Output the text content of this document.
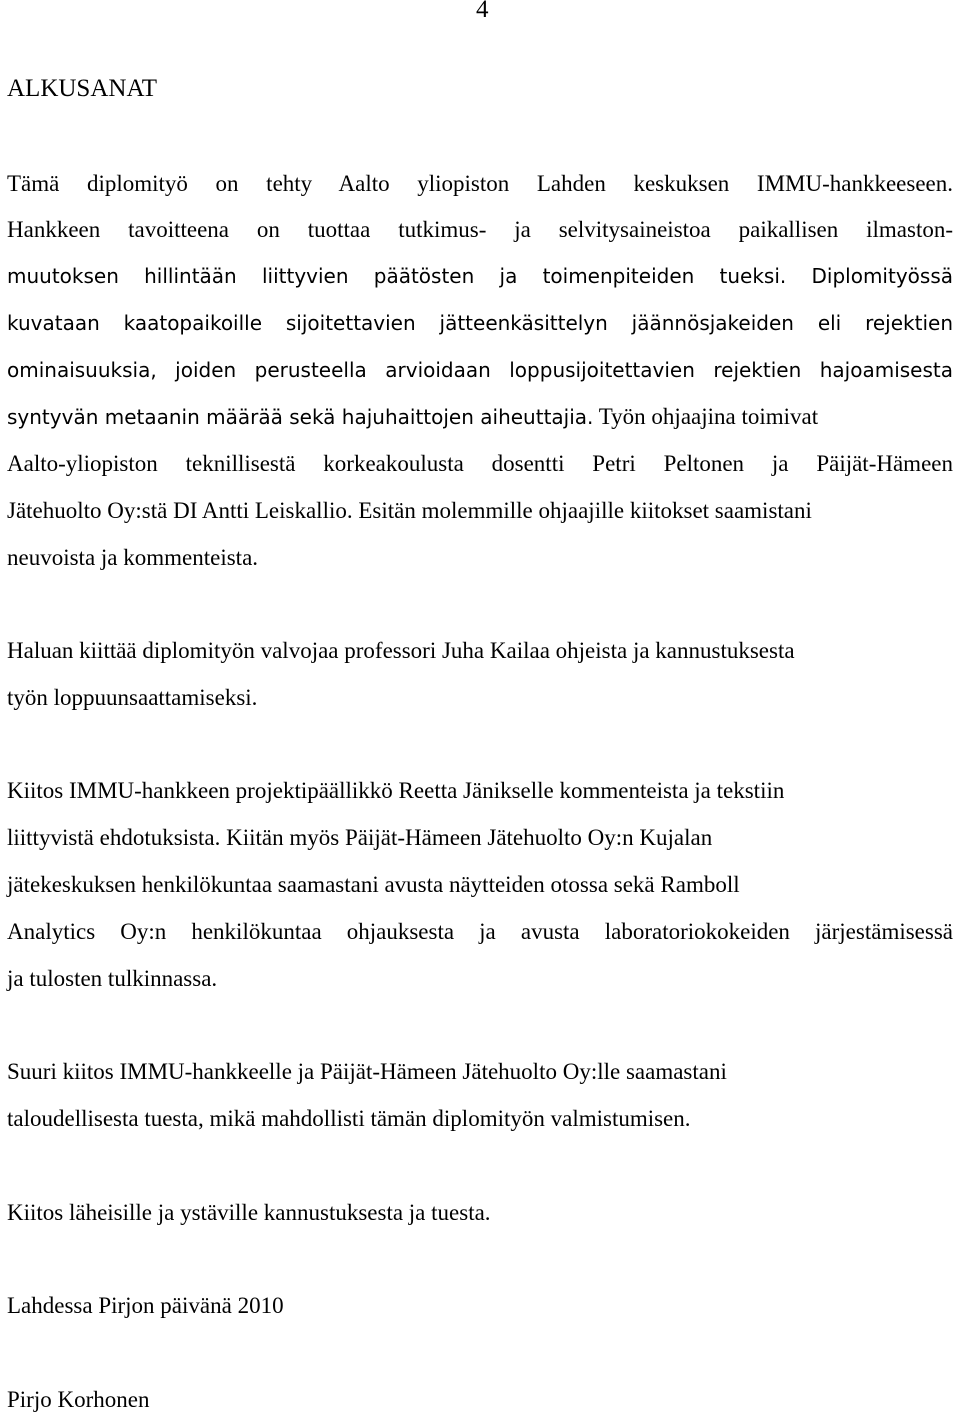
4
ALKUSANAT
Tämä diplomityö on tehty Aalto yliopiston Lahden keskuksen IMMU-hankkeeseen.
Hankkeen tavoitteena on tuottaa tutkimus- ja selvitysaineistoa paikallisen ilmaston-
muutoksen hillintään liittyvien päätösten ja toimenpiteiden tueksi. Diplomityössä
kuvataan kaatopaikoille sijoitettavien jätteenkäsittelyn jäännösjakeiden eli rejektien
ominaisuuksia, joiden perusteella arvioidaan loppusijoitettavien rejektien hajoamisesta
syntyvän metaanin määrää sekä hajuhaittojen aiheuttajia. Työn ohjaajina toimivat
Aalto-yliopiston teknillisestä korkeakoulusta dosentti Petri Peltonen ja Päijät-Hämeen
Jätehuolto Oy:stä DI Antti Leiskallio. Esitän molemmille ohjaajille kiitokset saamistani
neuvoista ja kommenteista.
Haluan kiittää diplomityön valvojaa professori Juha Kailaa ohjeista ja kannustuksesta
työn loppuunsaattamiseksi.
Kiitos IMMU-hankkeen projektipäällikkö Reetta Jänikselle kommenteista ja tekstiin
liittyvistä ehdotuksista. Kiitän myös Päijät-Hämeen Jätehuolto Oy:n Kujalan
jätekeskuksen henkilökuntaa saamastani avusta näytteiden otossa sekä Ramboll
Analytics Oy:n henkilökuntaa ohjauksesta ja avusta laboratoriokokeiden järjestämisessä
ja tulosten tulkinnassa.
Suuri kiitos IMMU-hankkeelle ja Päijät-Hämeen Jätehuolto Oy:lle saamastani
taloudellisesta tuesta, mikä mahdollisti tämän diplomityön valmistumisen.
Kiitos läheisille ja ystäville kannustuksesta ja tuesta.
Lahdessa Pirjon päivänä 2010
Pirjo Korhonen
